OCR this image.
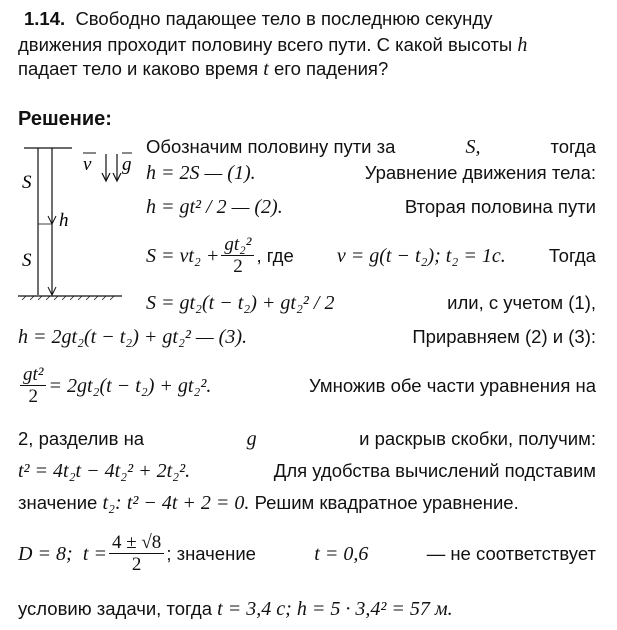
1.14. Свободно падающее тело в последнюю секунду
движения проходит половину всего пути. С какой высоты h
падает тело и каково время t его падения?
Решение:
v g
S
S
h
Обозначим половину пути за	S,	тогда
h = 2S — (1).	Уравнение движения тела:
h = gt² / 2 — (2).	Вторая половина пути
$S = vt_2 + \frac{\text{gt₂²}}{2}$ , где v = g(t − t₂); t₂ = 1с. Тогда
S = gt₂(t − t₂) + gt₂² / 2	или, с учетом (1),
h = 2gt₂(t − t₂) + gt₂² — (3).	Приравняем (2) и (3):
$\frac{\text{gt²}}{2} = 2gt_2(t - t_2) + gt_2^2$.	Умножив обе части уравнения на
2, разделив на	g	и раскрыв скобки, получим:
t² = 4t₂t − 4t₂² + 2t₂².	Для удобства вычислений подставим
значение t₂: t² − 4t + 2 = 0. Решим квадратное уравнение.
D = 8;
$t = \frac{4 \pm √8}{2}$ ; значение	t = 0,6	— не соответствует
условию задачи, тогда t = 3,4 с; h = 5 · 3,4² = 57 м.
